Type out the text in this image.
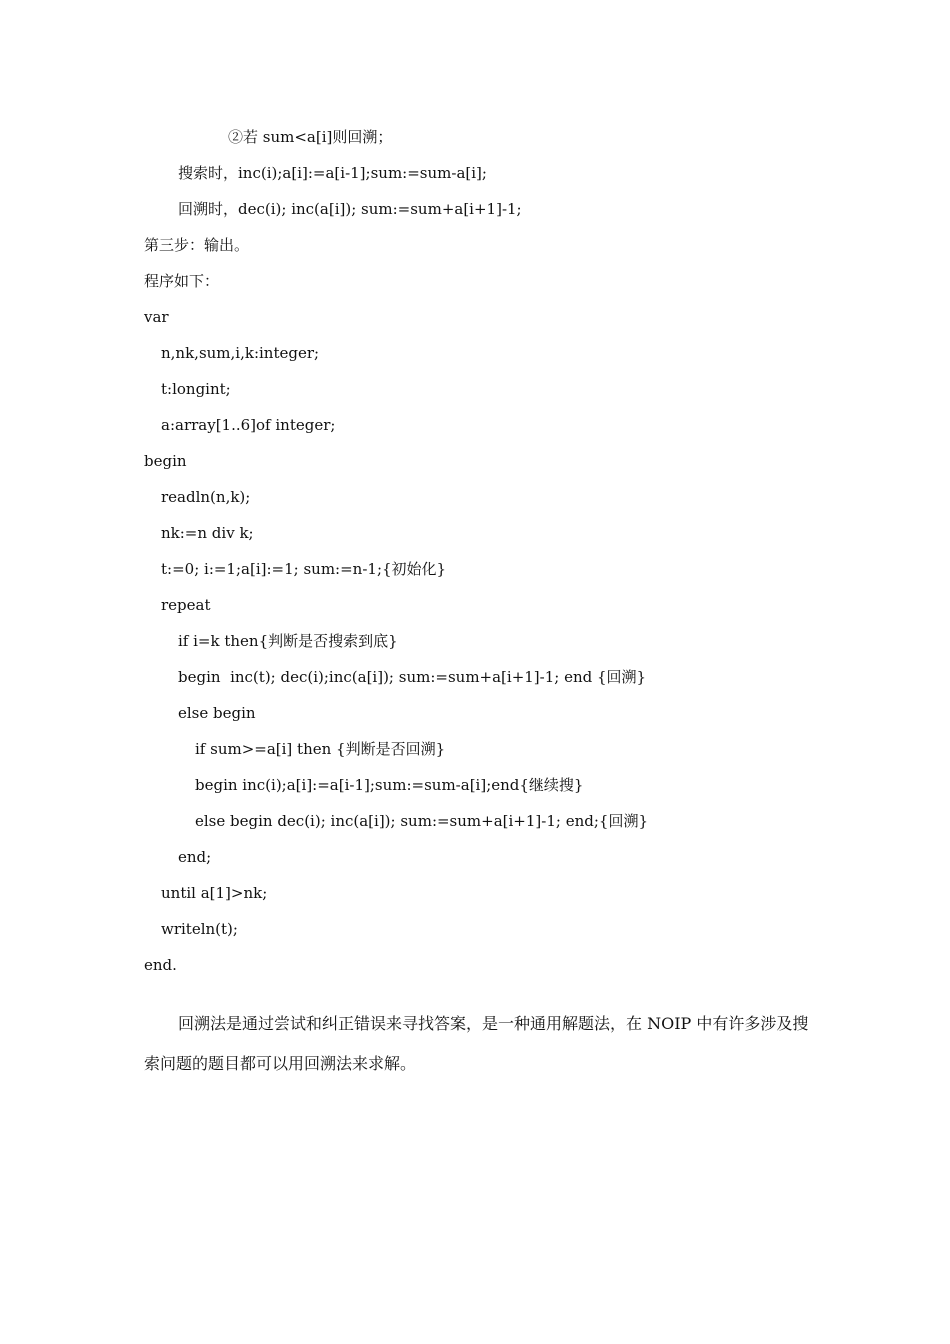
②若 sum<a[i]则回溯；
搜索时，inc(i);a[i]:=a[i-1];sum:=sum-a[i];
回溯时，dec(i); inc(a[i]); sum:=sum+a[i+1]-1;
第三步：输出。
程序如下：
var
n,nk,sum,i,k:integer;
t:longint;
a:array[1..6]of integer;
begin
readln(n,k);
nk:=n div k;
t:=0; i:=1;a[i]:=1; sum:=n-1;{初始化}
repeat
if i=k then{判断是否搜索到底}
begin  inc(t); dec(i);inc(a[i]); sum:=sum+a[i+1]-1; end {回溯}
else begin
if sum>=a[i] then {判断是否回溯}
begin inc(i);a[i]:=a[i-1];sum:=sum-a[i];end{继续搜}
else begin dec(i); inc(a[i]); sum:=sum+a[i+1]-1; end;{回溯}
end;
until a[1]>nk;
writeln(t);
end.
回溯法是通过尝试和纠正错误来寻找答案，是一种通用解题法，在 NOIP 中有许多涉及搜索问题的题目都可以用回溯法来求解。
